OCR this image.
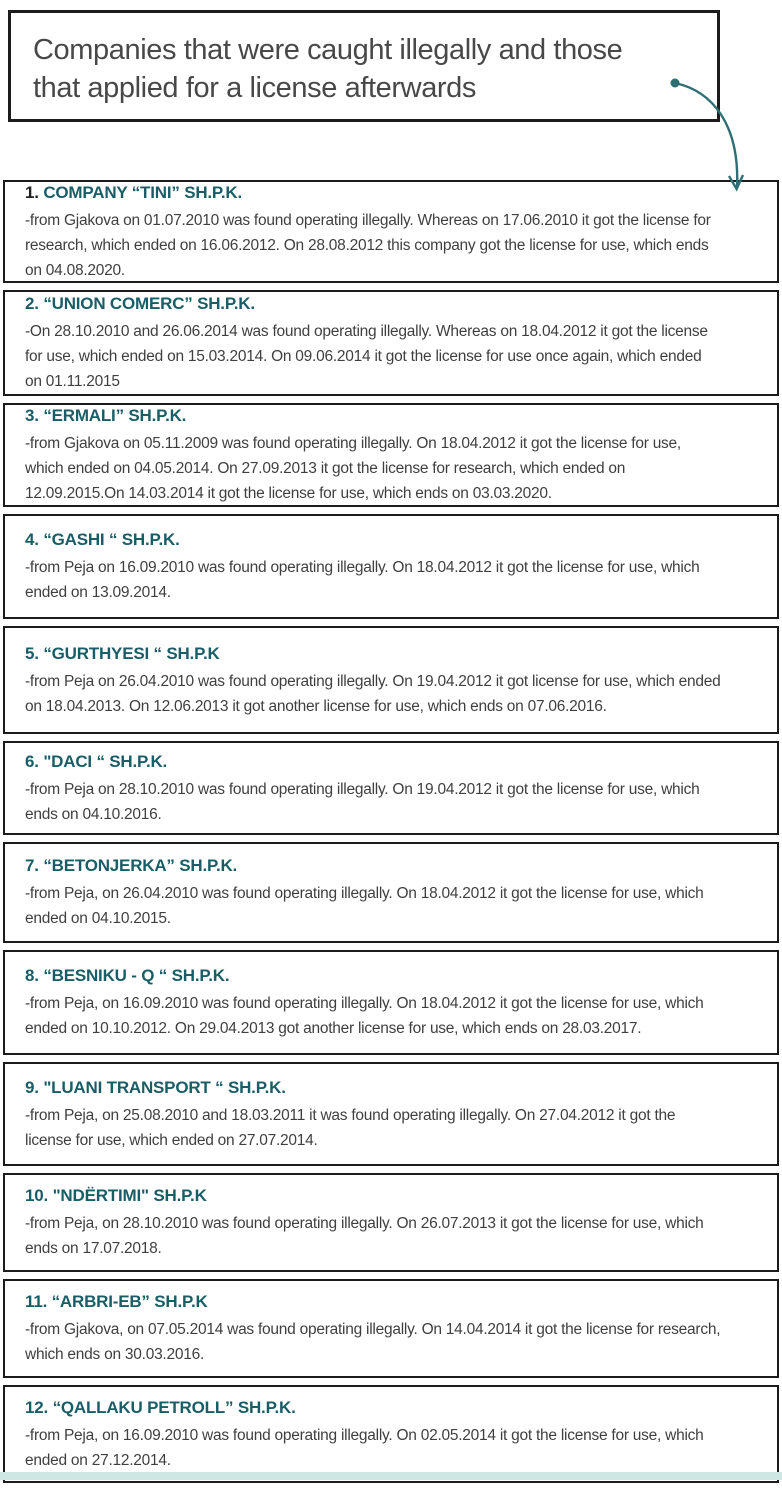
Companies that were caught illegally and those that applied for a license afterwards
1. COMPANY “TINI” SH.P.K.

-from Gjakova on 01.07.2010 was found operating illegally. Whereas on 17.06.2010 it got the license for research, which ended on 16.06.2012. On 28.08.2012 this company got the license for use, which ends on 04.08.2020.

2. “UNION COMERC” SH.P.K.

-On 28.10.2010 and 26.06.2014 was found operating illegally. Whereas on 18.04.2012 it got the license for use, which ended on 15.03.2014. On 09.06.2014 it got the license for use once again, which ended on 01.11.2015

3. “ERMALI” SH.P.K.

-from Gjakova on 05.11.2009 was found operating illegally. On 18.04.2012 it got the license for use, which ended on 04.05.2014. On 27.09.2013 it got the license for research, which ended on 12.09.2015.On 14.03.2014 it got the license for use, which ends on 03.03.2020.

4. “GASHI “ SH.P.K.

-from Peja on 16.09.2010 was found operating illegally. On 18.04.2012 it got the license for use, which ended on 13.09.2014.

5. “GURTHYESI “ SH.P.K

-from Peja on 26.04.2010 was found operating illegally. On 19.04.2012 it got license for use, which ended on 18.04.2013. On 12.06.2013 it got another license for use, which ends on 07.06.2016.

6. "DACI “ SH.P.K.

-from Peja on 28.10.2010 was found operating illegally. On 19.04.2012 it got the license for use, which ends on 04.10.2016.

7. “BETONJERKA” SH.P.K.

-from Peja, on 26.04.2010 was found operating illegally. On 18.04.2012 it got the license for use, which ended on 04.10.2015.

8. “BESNIKU - Q “ SH.P.K.

-from Peja, on 16.09.2010 was found operating illegally. On 18.04.2012 it got the license for use, which ended on 10.10.2012. On 29.04.2013 got another license for use, which ends on 28.03.2017.

9. "LUANI TRANSPORT “ SH.P.K.

-from Peja, on 25.08.2010 and 18.03.2011 it was found operating illegally. On 27.04.2012 it got the license for use, which ended on 27.07.2014.

10. "NDËRTIMI" SH.P.K

-from Peja, on 28.10.2010 was found operating illegally. On 26.07.2013 it got the license for use, which ends on 17.07.2018.

11. “ARBRI-EB” SH.P.K

-from Gjakova, on 07.05.2014 was found operating illegally. On 14.04.2014 it got the license for research, which ends on 30.03.2016.

12. “QALLAKU PETROLL” SH.P.K.

-from Peja, on 16.09.2010 was found operating illegally. On 02.05.2014 it got the license for use, which ended on 27.12.2014.
